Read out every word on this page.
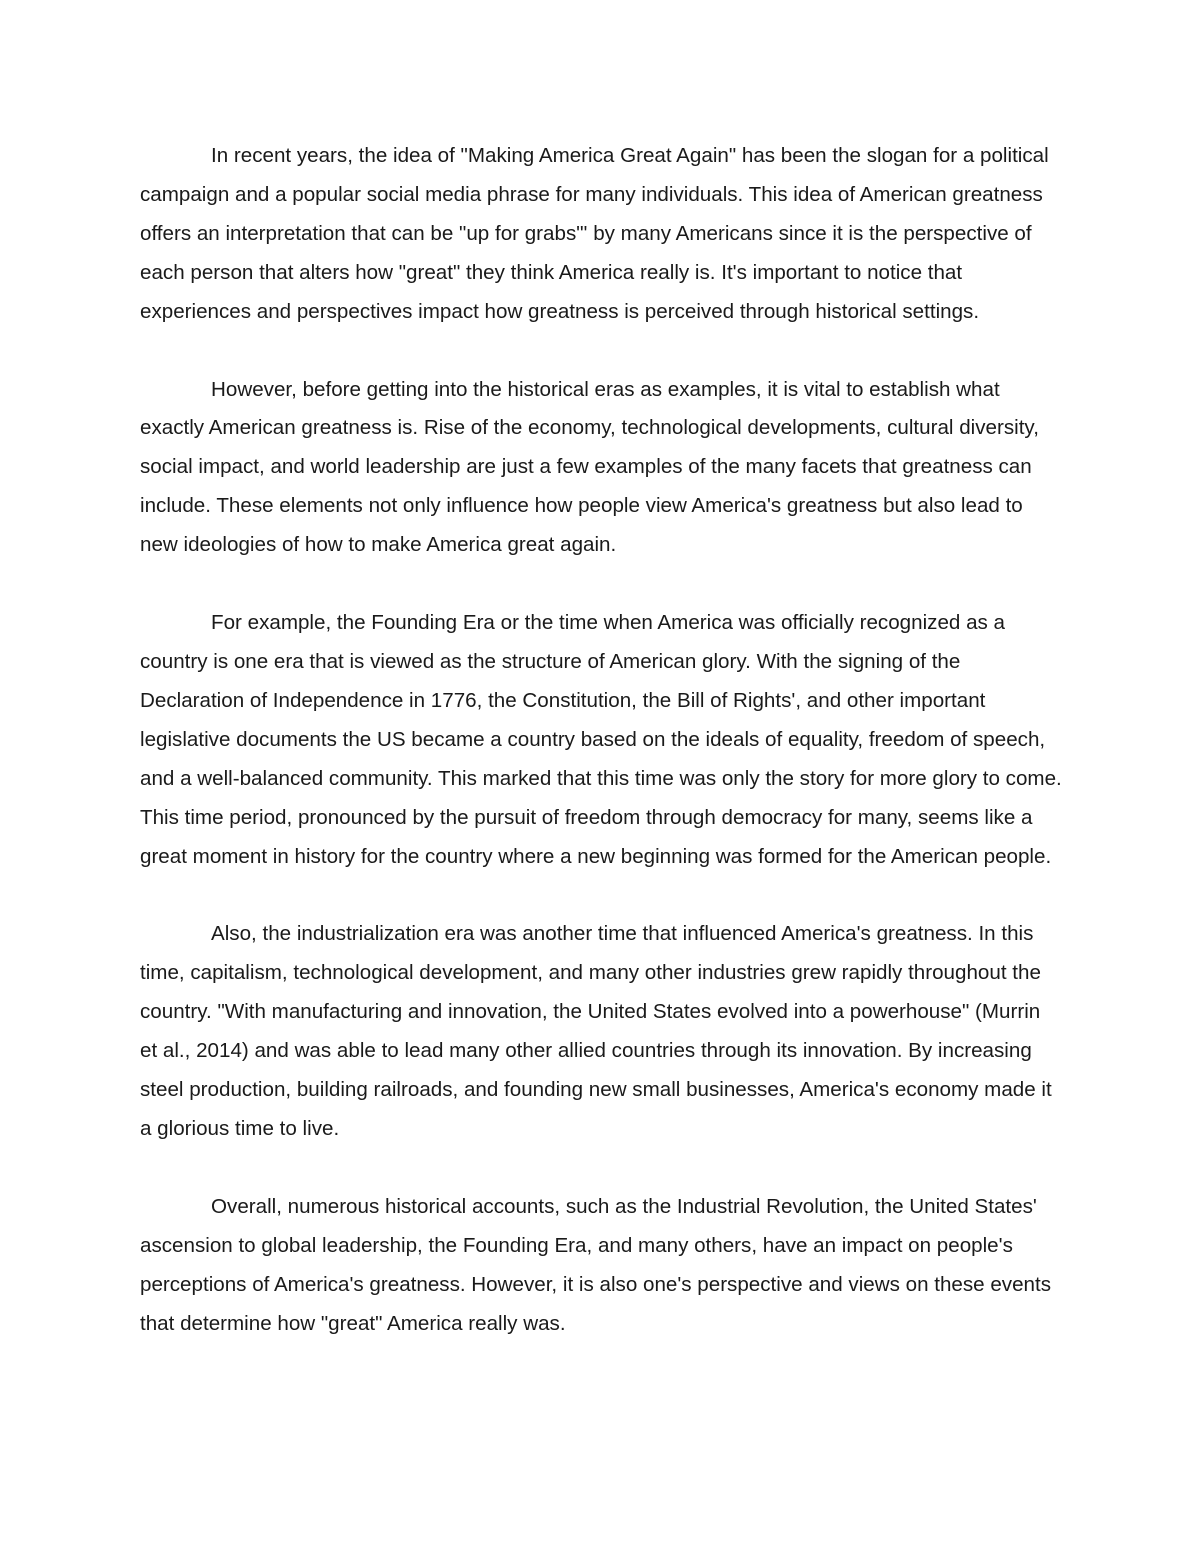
In recent years, the idea of "Making America Great Again" has been the slogan for a political campaign and a popular social media phrase for many individuals. This idea of American greatness offers an interpretation that can be "up for grabs"' by many Americans since it is the perspective of each person that alters how "great" they think America really is. It's important to notice that experiences and perspectives impact how greatness is perceived through historical settings.

However, before getting into the historical eras as examples, it is vital to establish what exactly American greatness is. Rise of the economy, technological developments, cultural diversity, social impact, and world leadership are just a few examples of the many facets that greatness can include. These elements not only influence how people view America's greatness but also lead to new ideologies of how to make America great again.

For example, the Founding Era or the time when America was officially recognized as a country is one era that is viewed as the structure of American glory. With the signing of the Declaration of Independence in 1776, the Constitution, the Bill of Rights', and other important legislative documents the US became a country based on the ideals of equality, freedom of speech, and a well-balanced community. This marked that this time was only the story for more glory to come. This time period, pronounced by the pursuit of freedom through democracy for many, seems like a great moment in history for the country where a new beginning was formed for the American people.

Also, the industrialization era was another time that influenced America's greatness. In this time, capitalism, technological development, and many other industries grew rapidly throughout the country. "With manufacturing and innovation, the United States evolved into a powerhouse" (Murrin et al., 2014) and was able to lead many other allied countries through its innovation. By increasing steel production, building railroads, and founding new small businesses, America's economy made it a glorious time to live.

Overall, numerous historical accounts, such as the Industrial Revolution, the United States' ascension to global leadership, the Founding Era, and many others, have an impact on people's perceptions of America's greatness. However, it is also one's perspective and views on these events that determine how "great" America really was.
